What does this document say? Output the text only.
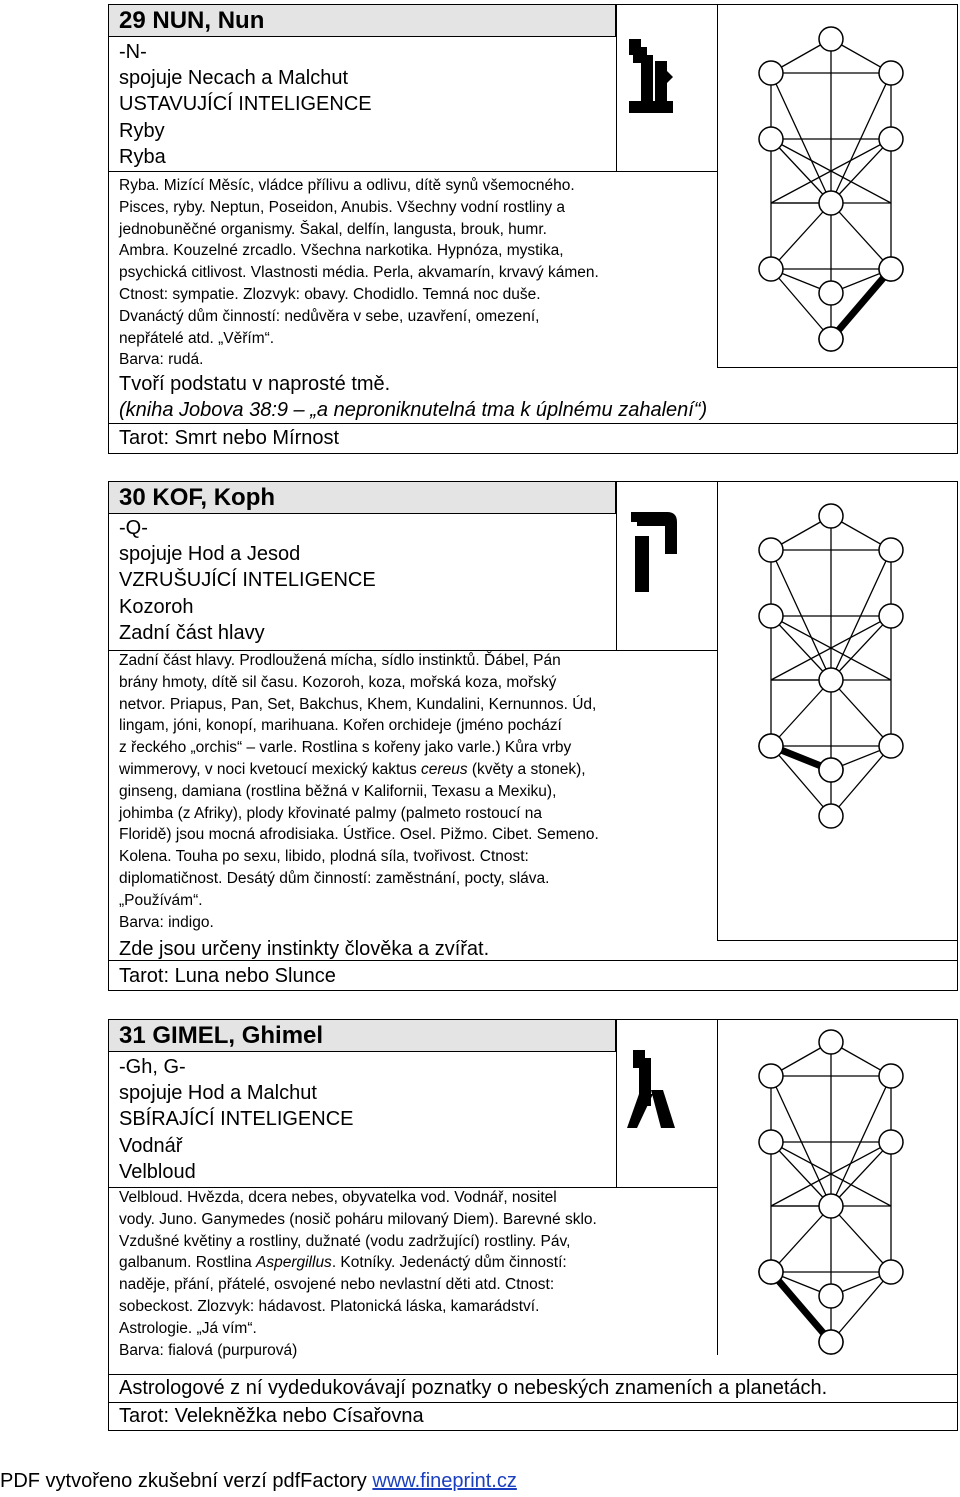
29 NUN, Nun
-N-
spojuje Necach a Malchut
USTAVUJÍCÍ INTELIGENCE
Ryby
Ryba

Ryba. Mizící Měsíc, vládce přílivu a odlivu, dítě synů všemocného.

Pisces, ryby. Neptun, Poseidon, Anubis. Všechny vodní rostliny a

jednobuněčné organismy. Šakal, delfín, langusta, brouk, humr.

Ambra. Kouzelné zrcadlo. Všechna narkotika. Hypnóza, mystika,

psychická citlivost. Vlastnosti média. Perla, akvamarín, krvavý kámen.

Ctnost: sympatie. Zlozvyk: obavy. Chodidlo. Temná noc duše.

Dvanáctý dům činností: nedůvěra v sebe, uzavření, omezení,

nepřátelé atd. „Věřím“.

Barva: rudá.

Tvoří podstatu v naprosté tmě.
(kniha Jobova 38:9 – „a neproniknutelná tma k úplnému zahalení“)
Tarot: Smrt nebo Mírnost
30 KOF, Koph
-Q-
spojuje Hod a Jesod
VZRUŠUJÍCÍ INTELIGENCE
Kozoroh
Zadní část hlavy

Zadní část hlavy. Prodloužená mícha, sídlo instinktů. Ďábel, Pán

brány hmoty, dítě sil času. Kozoroh, koza, mořská koza, mořský

netvor. Priapus, Pan, Set, Bakchus, Khem, Kundalini, Kernunnos. Úd,

lingam, jóni, konopí, marihuana. Kořen orchideje (jméno pochází

z řeckého „orchis“ – varle. Rostlina s kořeny jako varle.) Kůra vrby

wimmerovy, v noci kvetoucí mexický kaktus cereus (květy a stonek),

ginseng, damiana (rostlina běžná v Kalifornii, Texasu a Mexiku),

johimba (z Afriky), plody křovinaté palmy (palmeto rostoucí na

Floridě) jsou mocná afrodisiaka. Ústřice. Osel. Pižmo. Cibet. Semeno.

Kolena. Touha po sexu, libido, plodná síla, tvořivost. Ctnost:

diplomatičnost. Desátý dům činností: zaměstnání, pocty, sláva.

„Používám“.

Barva: indigo.

Zde jsou určeny instinkty člověka a zvířat.
Tarot: Luna nebo Slunce
31 GIMEL, Ghimel
-Gh, G-
spojuje Hod a Malchut
SBÍRAJÍCÍ INTELIGENCE
Vodnář
Velbloud

Velbloud. Hvězda, dcera nebes, obyvatelka vod. Vodnář, nositel

vody. Juno. Ganymedes (nosič poháru milovaný Diem). Barevné sklo.

Vzdušné květiny a rostliny, dužnaté (vodu zadržující) rostliny. Páv,

galbanum. Rostlina Aspergillus. Kotníky. Jedenáctý dům činností:

naděje, přání, přátelé, osvojené nebo nevlastní děti atd. Ctnost:

sobeckost. Zlozvyk: hádavost. Platonická láska, kamarádství.

Astrologie. „Já vím“.

Barva: fialová (purpurová)

Astrologové z ní vydedukovávají poznatky o nebeských znameních a planetách.
Tarot: Velekněžka nebo Císařovna
PDF vytvořeno zkušební verzí pdfFactory www.fineprint.cz
